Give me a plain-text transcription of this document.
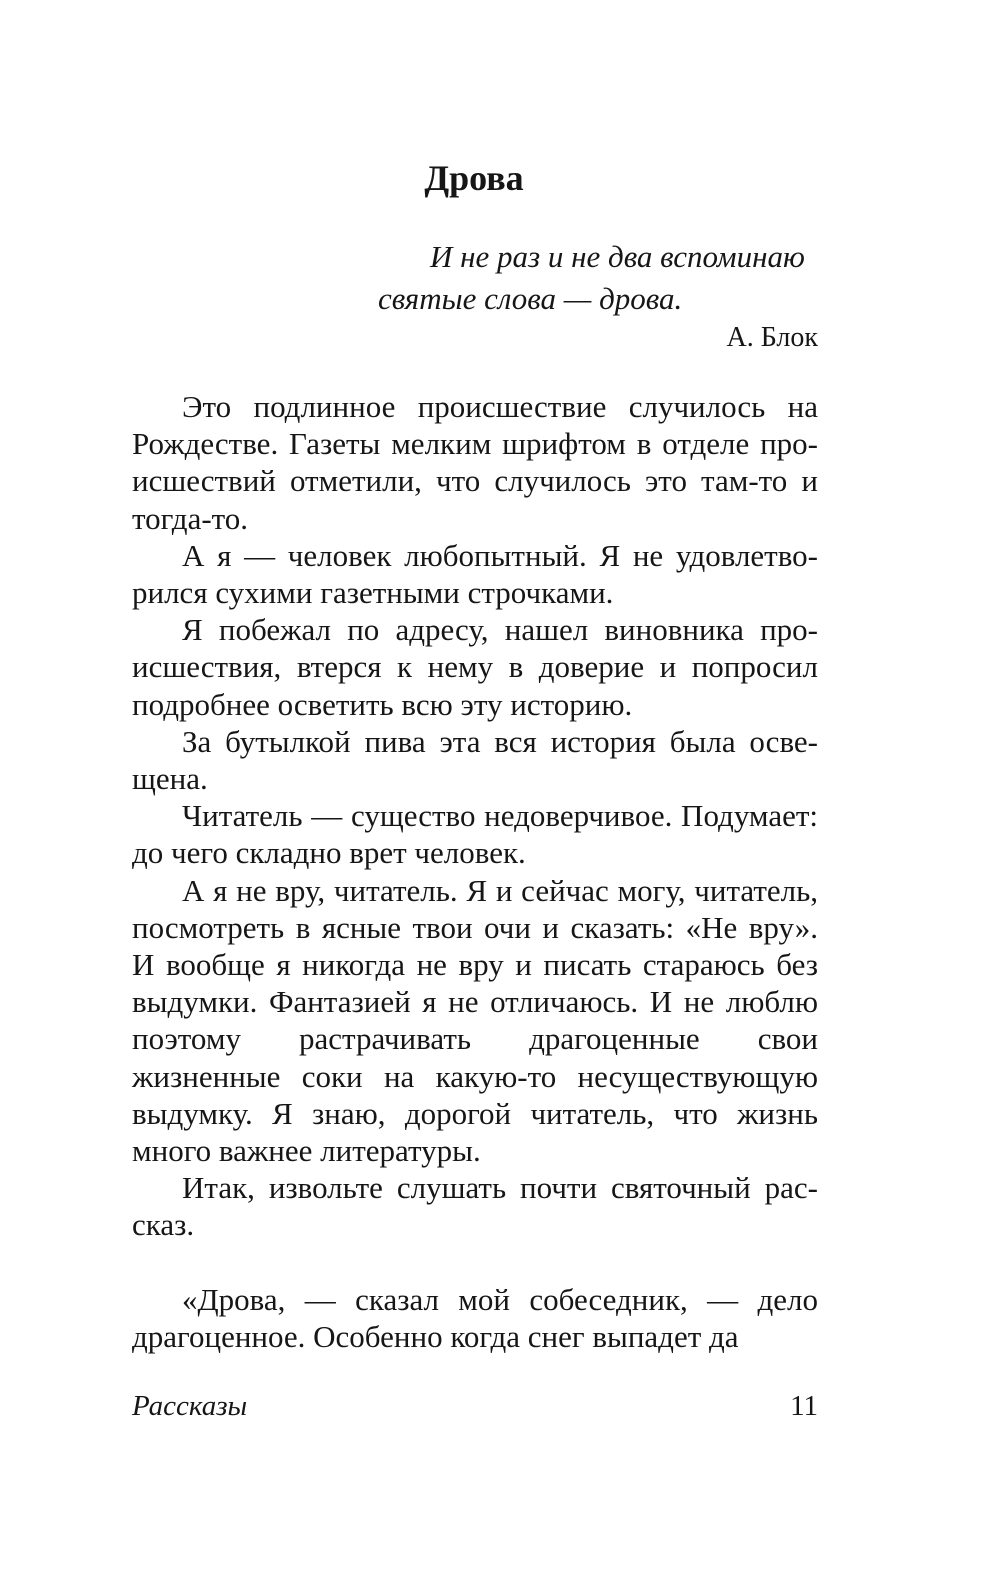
Дрова
И не раз и не два вспоминаю
святые слова — дрова.
А. Блок

Это подлинное происшествие случилось на Рождестве. Газеты мелким шрифтом в отделе происшествий отметили, что случилось это там-то и тогда-то.

А я — человек любопытный. Я не удовлетворился сухими газетными строчками.

Я побежал по адресу, нашел виновника происшествия, втерся к нему в доверие и попросил подробнее осветить всю эту историю.

За бутылкой пива эта вся история была освещена.

Читатель — существо недоверчивое. Подумает: до чего складно врет человек.

А я не вру, читатель. Я и сейчас могу, читатель, посмотреть в ясные твои очи и сказать: «Не вру». И вообще я никогда не вру и писать стараюсь без выдумки. Фантазией я не отличаюсь. И не люблю поэтому растрачивать драгоценные свои жизненные соки на какую-то несуществующую выдумку. Я знаю, дорогой читатель, что жизнь много важнее литературы.

Итак, извольте слушать почти святочный рассказ.

«Дрова, — сказал мой собеседник, — дело драгоценное. Особенно когда снег выпадет да

Рассказы	11
